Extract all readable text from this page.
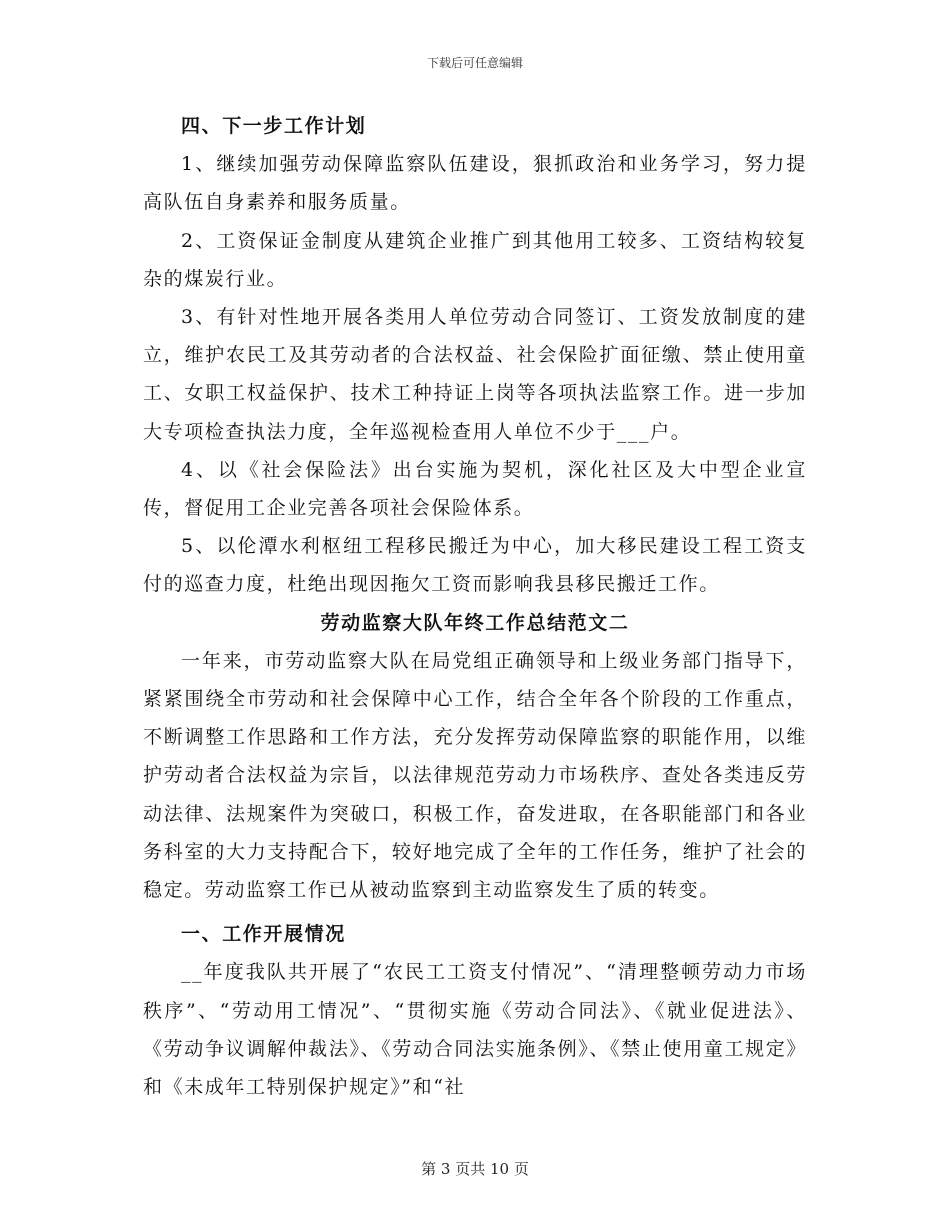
下载后可任意编辑

四、下一步工作计划

1、继续加强劳动保障监察队伍建设，狠抓政治和业务学习，努力提高队伍自身素养和服务质量。

2、工资保证金制度从建筑企业推广到其他用工较多、工资结构较复杂的煤炭行业。

3、有针对性地开展各类用人单位劳动合同签订、工资发放制度的建立，维护农民工及其劳动者的合法权益、社会保险扩面征缴、禁止使用童工、女职工权益保护、技术工种持证上岗等各项执法监察工作。进一步加大专项检查执法力度，全年巡视检查用人单位不少于___户。

4、以《社会保险法》出台实施为契机，深化社区及大中型企业宣传，督促用工企业完善各项社会保险体系。

5、以伦潭水利枢纽工程移民搬迁为中心，加大移民建设工程工资支付的巡查力度，杜绝出现因拖欠工资而影响我县移民搬迁工作。

劳动监察大队年终工作总结范文二

一年来，市劳动监察大队在局党组正确领导和上级业务部门指导下，紧紧围绕全市劳动和社会保障中心工作，结合全年各个阶段的工作重点，不断调整工作思路和工作方法，充分发挥劳动保障监察的职能作用，以维护劳动者合法权益为宗旨，以法律规范劳动力市场秩序、查处各类违反劳动法律、法规案件为突破口，积极工作，奋发进取，在各职能部门和各业务科室的大力支持配合下，较好地完成了全年的工作任务，维护了社会的稳定。劳动监察工作已从被动监察到主动监察发生了质的转变。

一、工作开展情况

__年度我队共开展了“农民工工资支付情况”、“清理整顿劳动力市场秩序”、“劳动用工情况”、“贯彻实施《劳动合同法》、《就业促进法》、《劳动争议调解仲裁法》、《劳动合同法实施条例》、《禁止使用童工规定》和《未成年工特别保护规定》”和“社

第 3 页共 10 页
